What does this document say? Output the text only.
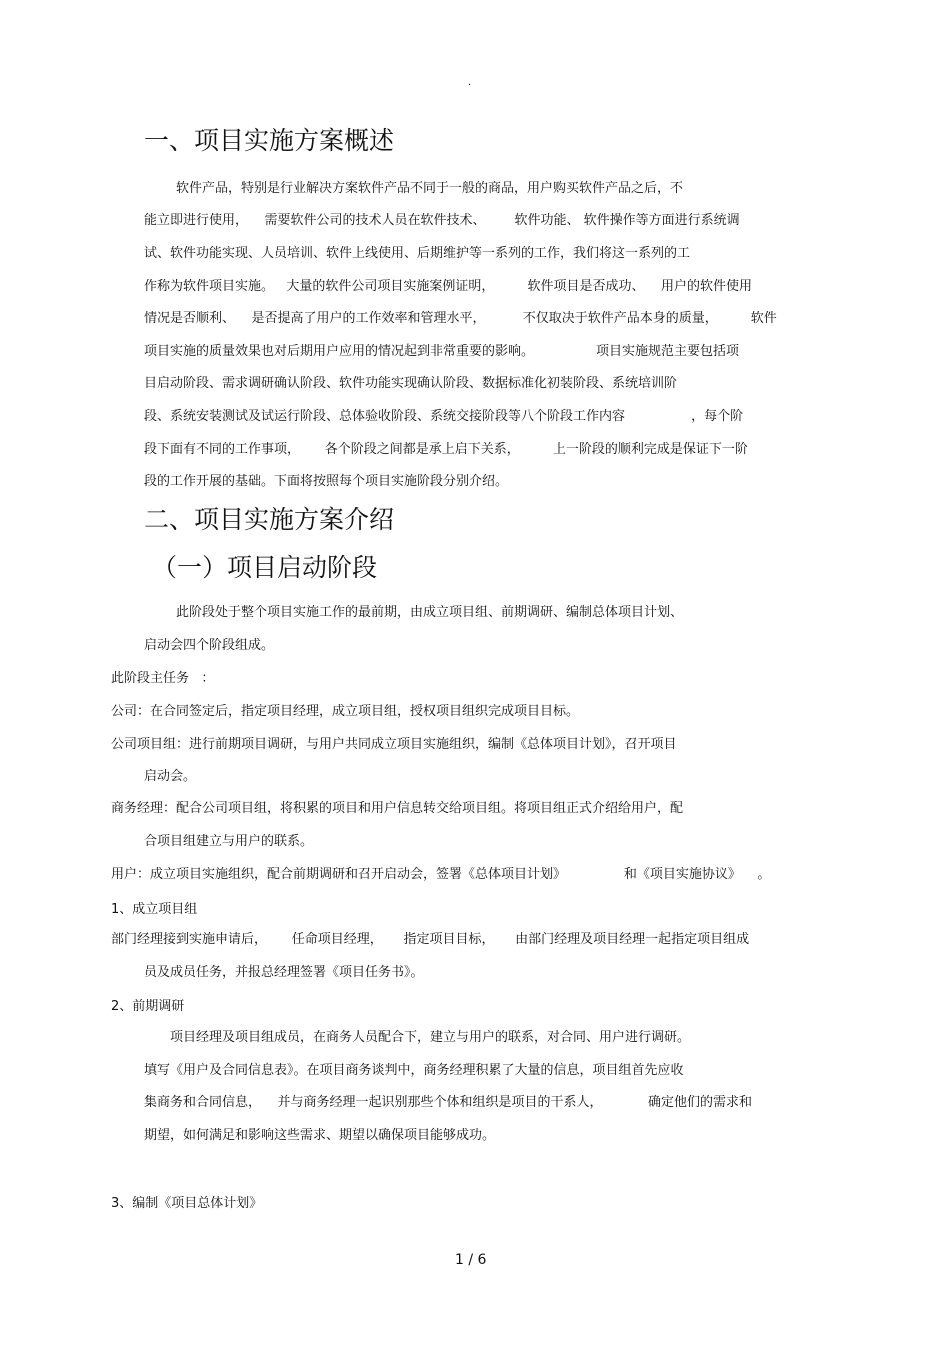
.
一、项目实施方案概述
软件产品，特别是行业解决方案软件产品不同于一般的商品，用户购买软件产品之后，不
能立即进行使用，    需要软件公司的技术人员在软件技术、       软件功能、 软件操作等方面进行系统调
试、软件功能实现、人员培训、软件上线使用、后期维护等一系列的工作，我们将这一系列的工
作称为软件项目实施。   大量的软件公司项目实施案例证明，        软件项目是否成功、    用户的软件使用
情况是否顺利、    是否提高了用户的工作效率和管理水平，         不仅取决于软件产品本身的质量，        软件
项目实施的质量效果也对后期用户应用的情况起到非常重要的影响。               项目实施规范主要包括项
目启动阶段、需求调研确认阶段、软件功能实现确认阶段、数据标准化初装阶段、系统培训阶
段、系统安装测试及试运行阶段、总体验收阶段、系统交接阶段等八个阶段工作内容                ，每个阶
段下面有不同的工作事项，      各个阶段之间都是承上启下关系，        上一阶段的顺利完成是保证下一阶
段的工作开展的基础。下面将按照每个项目实施阶段分别介绍。
二、项目实施方案介绍
（一）项目启动阶段
此阶段处于整个项目实施工作的最前期，由成立项目组、前期调研、编制总体项目计划、
启动会四个阶段组成。
此阶段主任务   ：
公司：在合同签定后，指定项目经理，成立项目组，授权项目组织完成项目目标。
公司项目组：进行前期项目调研，与用户共同成立项目实施组织，编制《总体项目计划》，召开项目
启动会。
商务经理：配合公司项目组，将积累的项目和用户信息转交给项目组。将项目组正式介绍给用户，配
合项目组建立与用户的联系。
用户：成立项目实施组织，配合前期调研和召开启动会，签署《总体项目计划》              和《项目实施协议》    。
1、成立项目组
部门经理接到实施申请后，      任命项目经理，     指定项目目标，     由部门经理及项目经理一起指定项目组成
员及成员任务，并报总经理签署《项目任务书》。
2、前期调研
项目经理及项目组成员，在商务人员配合下，建立与用户的联系，对合同、用户进行调研。
填写《用户及合同信息表》。在项目商务谈判中，商务经理积累了大量的信息，项目组首先应收
集商务和合同信息，    并与商务经理一起识别那些个体和组织是项目的干系人，           确定他们的需求和
期望，如何满足和影响这些需求、期望以确保项目能够成功。
3、编制《项目总体计划》
1 / 6
